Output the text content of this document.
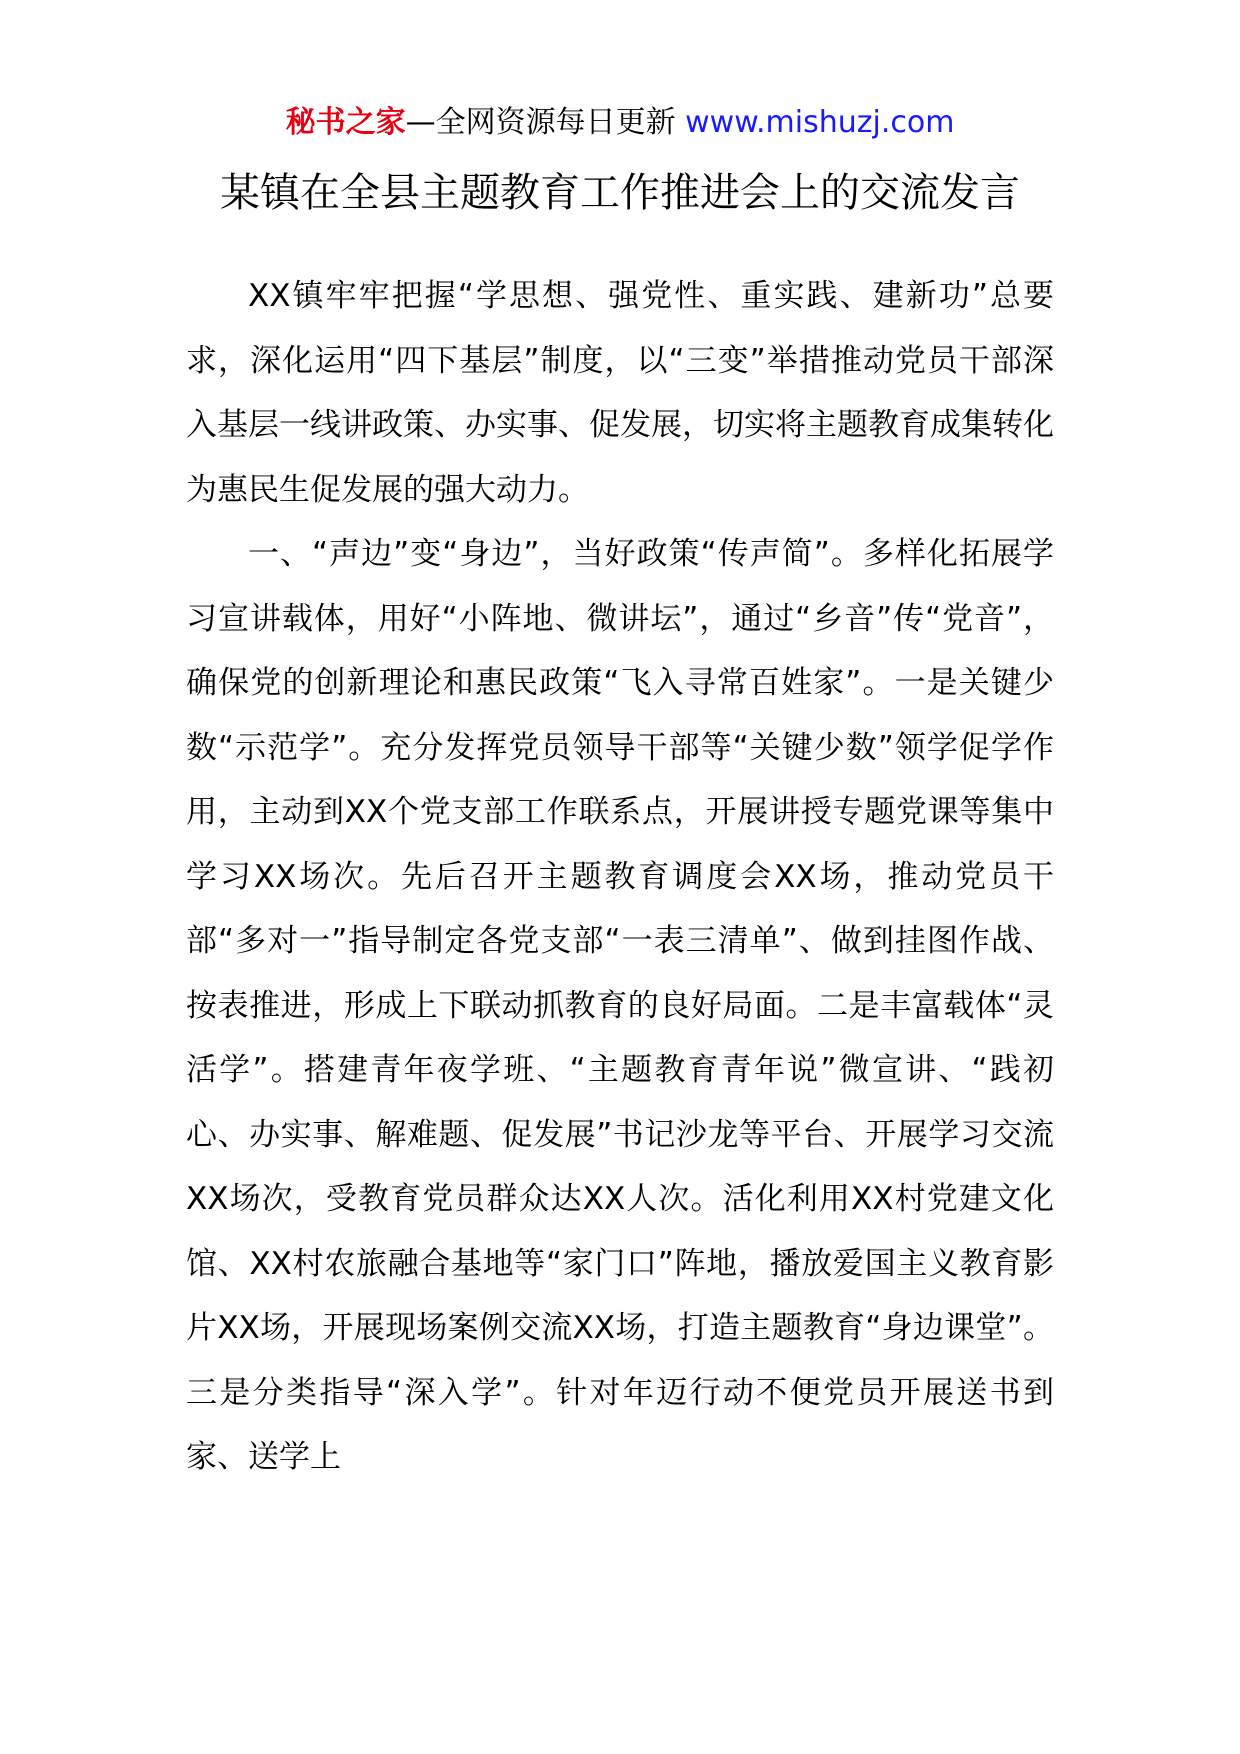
秘书之家—全网资源每日更新 www.mishuzj.com
某镇在全县主题教育工作推进会上的交流发言

XX镇牢牢把握“学思想、强党性、重实践、建新功”总要求，深化运用“四下基层”制度，以“三变”举措推动党员干部深入基层一线讲政策、办实事、促发展，切实将主题教育成集转化为惠民生促发展的强大动力。

一、“声边”变“身边”，当好政策“传声简”。多样化拓展学习宣讲载体，用好“小阵地、微讲坛”，通过“乡音”传“党音”，确保党的创新理论和惠民政策“飞入寻常百姓家”。一是关键少数“示范学”。充分发挥党员领导干部等“关键少数”领学促学作用，主动到XX个党支部工作联系点，开展讲授专题党课等集中学习XX场次。先后召开主题教育调度会XX场，推动党员干部“多对一”指导制定各党支部“一表三清单”、做到挂图作战、按表推进，形成上下联动抓教育的良好局面。二是丰富载体“灵活学”。搭建青年夜学班、“主题教育青年说”微宣讲、“践初心、办实事、解难题、促发展”书记沙龙等平台、开展学习交流XX场次，受教育党员群众达XX人次。活化利用XX村党建文化馆、XX村农旅融合基地等“家门口”阵地，播放爱国主义教育影片XX场，开展现场案例交流XX场，打造主题教育“身边课堂”。三是分类指导“深入学”。针对年迈行动不便党员开展送书到家、送学上
